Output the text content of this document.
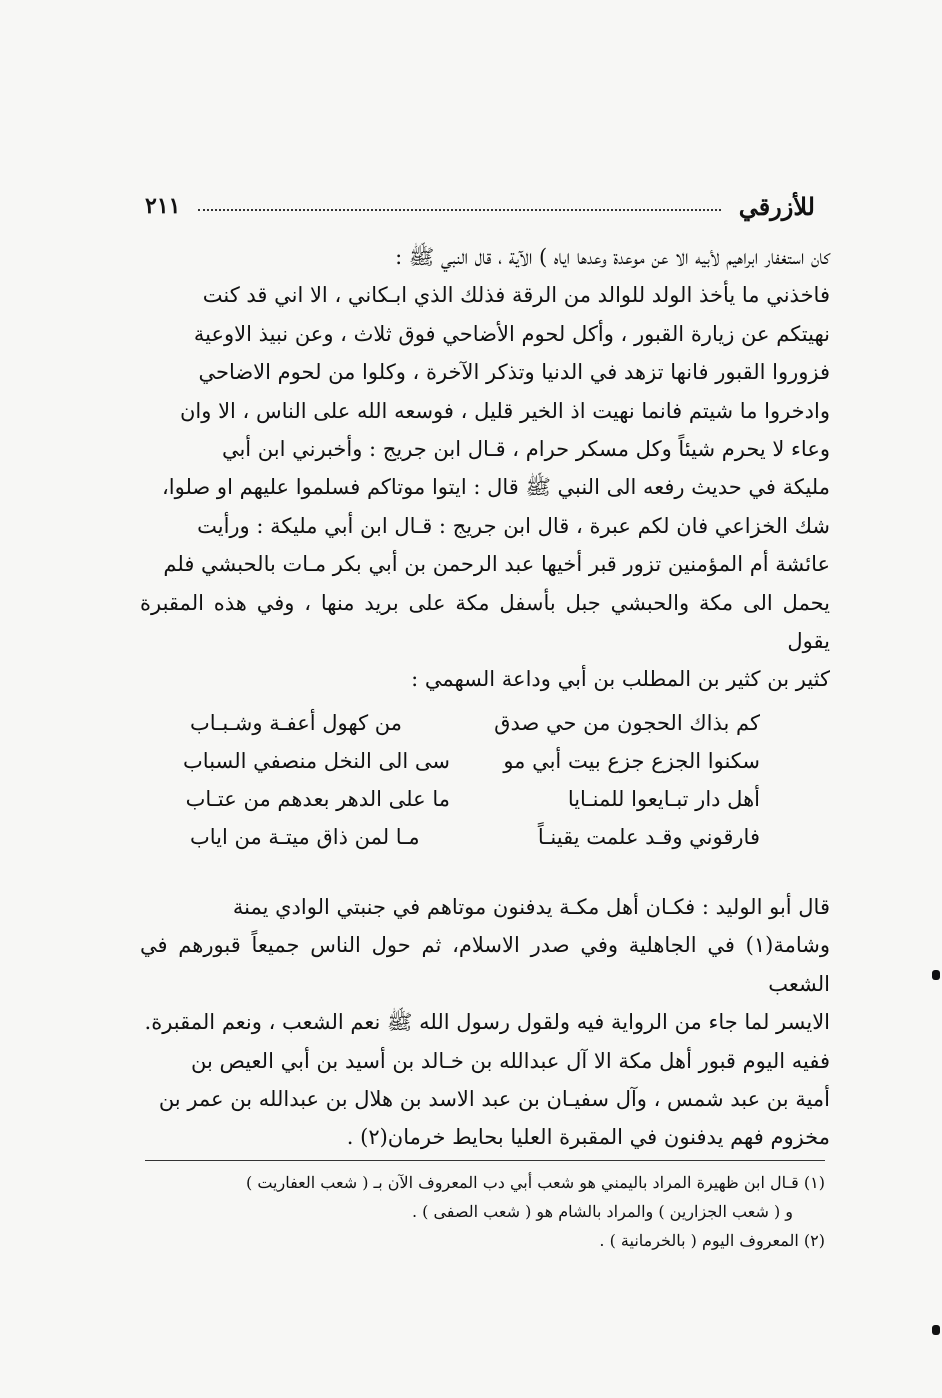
للأزرقي
٢١١

كان استغفار ابراهيم لأبيه الا عن موعدة وعدها اياه ) الآية ، قال النبي ﷺ :

فاخذني ما يأخذ الولد للوالد من الرقة فذلك الذي ابـكاني ، الا اني قد كنت

نهيتكم عن زيارة القبور ، وأكل لحوم الأضاحي فوق ثلاث ، وعن نبيذ الاوعية

فزوروا القبور فانها تزهد في الدنيا وتذكر الآخرة ، وكلوا من لحوم الاضاحي

وادخروا ما شيتم فانما نهيت اذ الخير قليل ، فوسعه الله على الناس ، الا وان

وعاء لا يحرم شيئاً وكل مسكر حرام ، قـال ابن جريج : وأخبرني ابن أبي

مليكة في حديث رفعه الى النبي ﷺ قال : ايتوا موتاكم فسلموا عليهم او صلوا،

شك الخزاعي فان لكم عبرة ، قال ابن جريج : قـال ابن أبي مليكة : ورأيت

عائشة أم المؤمنين تزور قبر أخيها عبد الرحمن بن أبي بكر مـات بالحبشي فلم

يحمل الى مكة والحبشي جبل بأسفل مكة على بريد منها ، وفي هذه المقبرة يقول

كثير بن كثير بن المطلب بن أبي وداعة السهمي :

كم بذاك الحجون من حي صدق
من كهول أعفـة وشـبـاب
سكنوا الجزع جزع بيت أبي مو
سى الى النخل منصفي السباب
أهل دار تبـايعوا للمنـايا
ما على الدهر بعدهم من عتـاب
فارقوني وقـد علمت يقينـاً
مـا لمن ذاق ميتـة من اياب

قال أبو الوليد : فكـان أهل مكـة يدفنون موتاهم في جنبتي الوادي يمنة

وشامة(١) في الجاهلية وفي صدر الاسلام، ثم حول الناس جميعاً قبورهم في الشعب

الايسر لما جاء من الرواية فيه ولقول رسول الله ﷺ نعم الشعب ، ونعم المقبرة.

ففيه اليوم قبور أهل مكة الا آل عبدالله بن خـالد بن أسيد بن أبي العيص بن

أمية بن عبد شمس ، وآل سفيـان بن عبد الاسد بن هلال بن عبدالله بن عمر بن

مخزوم فهم يدفنون في المقبرة العليا بحايط خرمان(٢) .

(١) قـال ابن ظهيرة المراد باليمني هو شعب أبي دب المعروف الآن بـ ( شعب العفاريت )

و ( شعب الجزارين ) والمراد بالشام هو ( شعب الصفى ) .

(٢) المعروف اليوم ( بالخرمانية ) .
